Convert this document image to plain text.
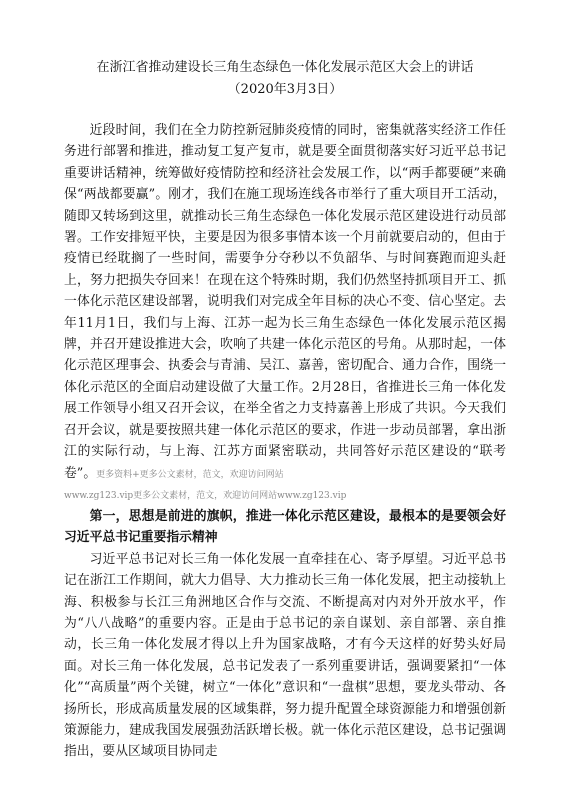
在浙江省推动建设长三角生态绿色一体化发展示范区大会上的讲话
（2020年3月3日）

近段时间，我们在全力防控新冠肺炎疫情的同时，密集就落实经济工作任务进行部署和推进，推动复工复产复市，就是要全面贯彻落实好习近平总书记重要讲话精神，统筹做好疫情防控和经济社会发展工作，以“两手都要硬”来确保“两战都要赢”。刚才，我们在施工现场连线各市举行了重大项目开工活动，随即又转场到这里，就推动长三角生态绿色一体化发展示范区建设进行动员部署。工作安排短平快，主要是因为很多事情本该一个月前就要启动的，但由于疫情已经耽搁了一些时间，需要争分夺秒以不负韶华、与时间赛跑而迎头赶上，努力把损失夺回来！在现在这个特殊时期，我们仍然坚持抓项目开工、抓一体化示范区建设部署，说明我们对完成全年目标的决心不变、信心坚定。去年11月1日，我们与上海、江苏一起为长三角生态绿色一体化发展示范区揭牌，并召开建设推进大会，吹响了共建一体化示范区的号角。从那时起，一体化示范区理事会、执委会与青浦、吴江、嘉善，密切配合、通力合作，围绕一体化示范区的全面启动建设做了大量工作。2月28日，省推进长三角一体化发展工作领导小组又召开会议，在举全省之力支持嘉善上形成了共识。今天我们召开会议，就是要按照共建一体化示范区的要求，作进一步动员部署，拿出浙江的实际行动，与上海、江苏方面紧密联动，共同答好示范区建设的“联考卷”。更多资料+更多公文素材，范文，欢迎访问网站

www.zg123.vip更多公文素材，范文，欢迎访问网站www.zg123.vip

第一，思想是前进的旗帜，推进一体化示范区建设，最根本的是要领会好习近平总书记重要指示精神

习近平总书记对长三角一体化发展一直牵挂在心、寄予厚望。习近平总书记在浙江工作期间，就大力倡导、大力推动长三角一体化发展，把主动接轨上海、积极参与长江三角洲地区合作与交流、不断提高对内对外开放水平，作为“八八战略”的重要内容。正是由于总书记的亲自谋划、亲自部署、亲自推动，长三角一体化发展才得以上升为国家战略，才有今天这样的好势头好局面。对长三角一体化发展，总书记发表了一系列重要讲话，强调要紧扣“一体化”“高质量”两个关键，树立“一体化”意识和“一盘棋”思想，要龙头带动、各扬所长，形成高质量发展的区域集群，努力提升配置全球资源能力和增强创新策源能力，建成我国发展强劲活跃增长极。就一体化示范区建设，总书记强调指出，要从区域项目协同走
